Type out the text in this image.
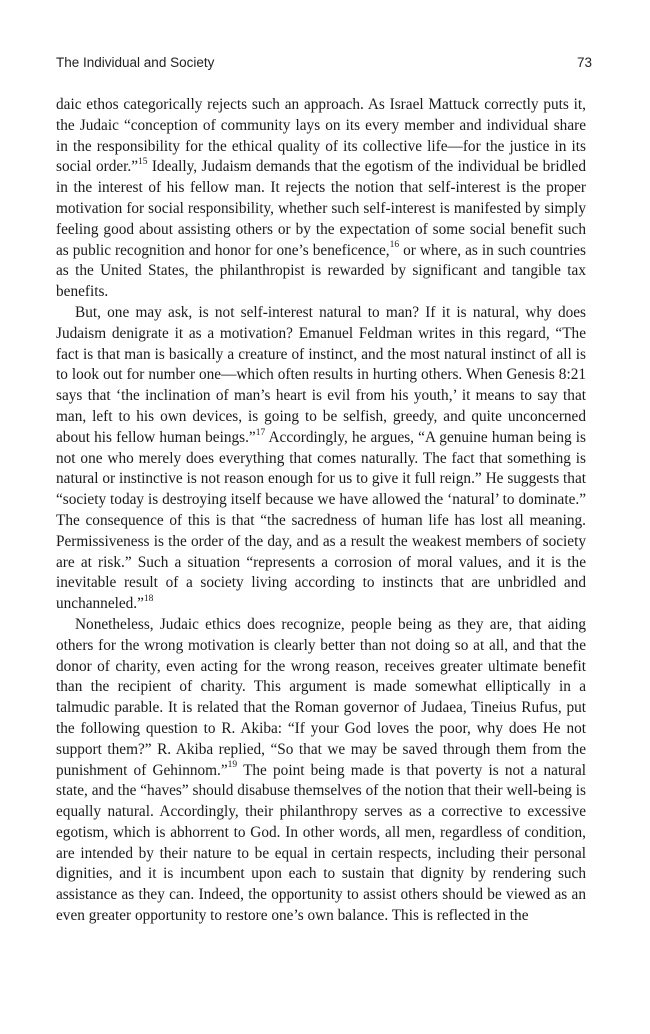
The Individual and Society	73

daic ethos categorically rejects such an approach. As Israel Mattuck correctly puts it, the Judaic “conception of community lays on its every member and individual share in the responsibility for the ethical quality of its collective life—for the justice in its social order.”$^{15}$ Ideally, Judaism demands that the egotism of the individual be bridled in the interest of his fellow man. It rejects the notion that self-interest is the proper motivation for social responsibility, whether such self-interest is manifested by simply feeling good about assisting others or by the expectation of some social benefit such as public recognition and honor for one’s beneficence,$^{16}$ or where, as in such countries as the United States, the philanthropist is rewarded by significant and tangible tax benefits.

But, one may ask, is not self-interest natural to man? If it is natural, why does Judaism denigrate it as a motivation? Emanuel Feldman writes in this regard, “The fact is that man is basically a creature of instinct, and the most natural instinct of all is to look out for number one—which often results in hurting others. When Genesis 8:21 says that ‘the inclination of man’s heart is evil from his youth,’ it means to say that man, left to his own devices, is going to be selfish, greedy, and quite unconcerned about his fellow human beings.”$^{17}$ Accordingly, he argues, “A genuine human being is not one who merely does everything that comes naturally. The fact that something is natural or instinctive is not reason enough for us to give it full reign.” He suggests that “society today is destroying itself because we have allowed the ‘natural’ to dominate.” The consequence of this is that “the sacredness of human life has lost all meaning. Permissiveness is the order of the day, and as a result the weakest members of society are at risk.” Such a situation “represents a corrosion of moral values, and it is the inevitable result of a society living according to instincts that are unbridled and unchanneled.”$^{18}$

Nonetheless, Judaic ethics does recognize, people being as they are, that aiding others for the wrong motivation is clearly better than not doing so at all, and that the donor of charity, even acting for the wrong reason, receives greater ultimate benefit than the recipient of charity. This argument is made somewhat elliptically in a talmudic parable. It is related that the Roman governor of Judaea, Tineius Rufus, put the following question to R. Akiba: “If your God loves the poor, why does He not support them?” R. Akiba replied, “So that we may be saved through them from the punishment of Gehinnom.”$^{19}$ The point being made is that poverty is not a natural state, and the “haves” should disabuse themselves of the notion that their well-being is equally natural. Accordingly, their philanthropy serves as a corrective to excessive egotism, which is abhorrent to God. In other words, all men, regardless of condition, are intended by their nature to be equal in certain respects, including their personal dignities, and it is incumbent upon each to sustain that dignity by rendering such assistance as they can. Indeed, the opportunity to assist others should be viewed as an even greater opportunity to restore one’s own balance. This is reflected in the
